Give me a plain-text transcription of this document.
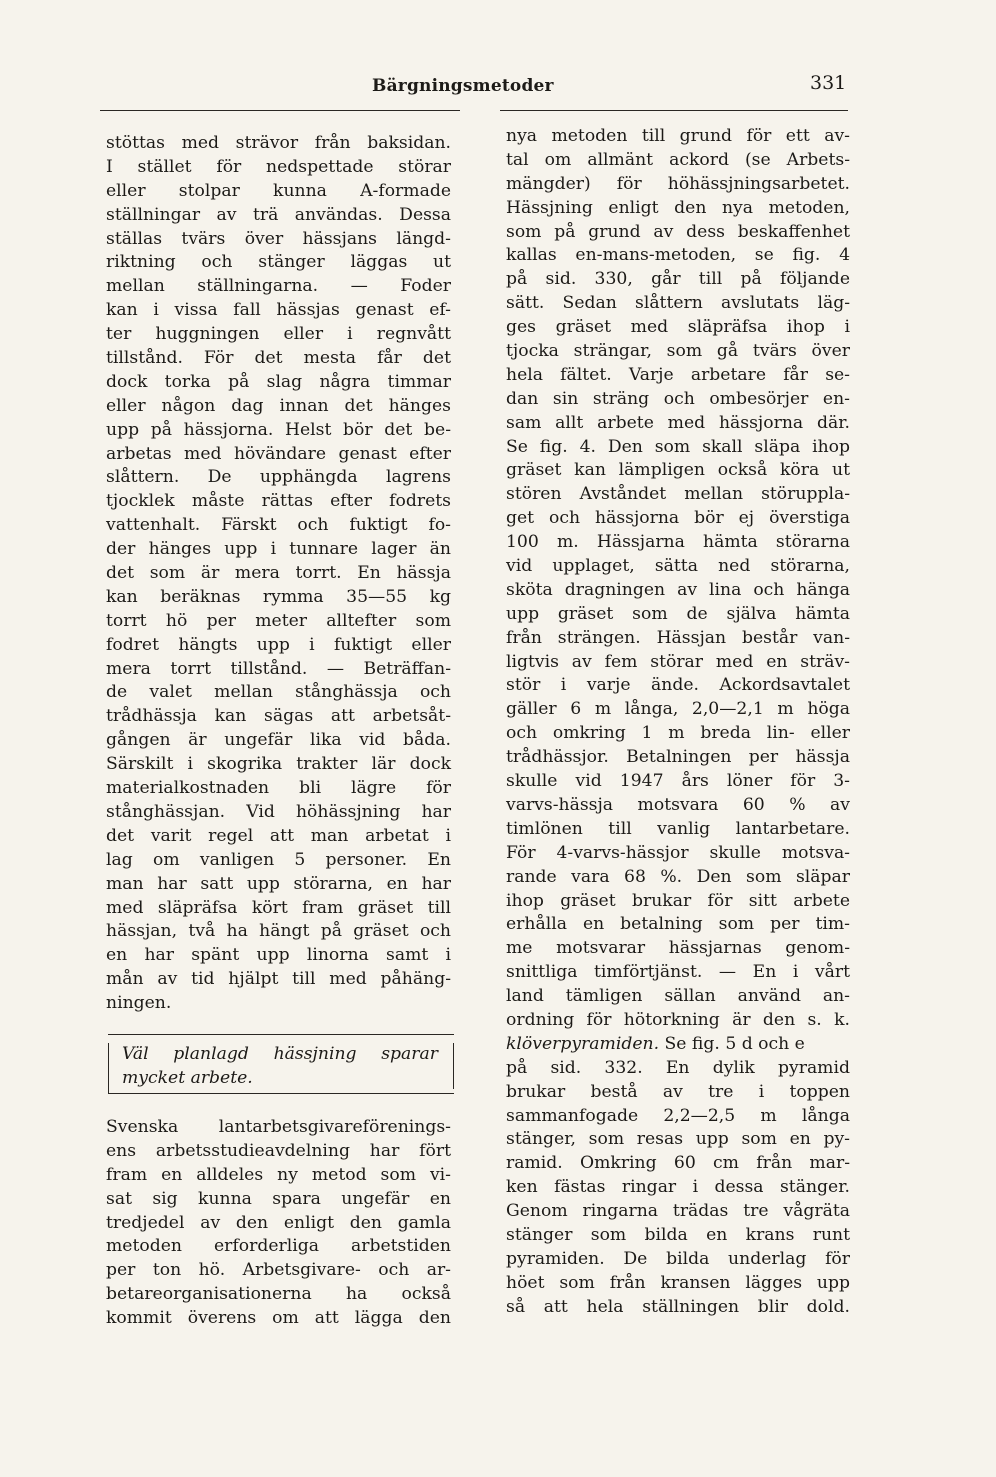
Bärgningsmetoder	331
stöttas med strävor från baksidan.
I stället för nedspettade störar
eller stolpar kunna A-formade
ställningar av trä användas. Dessa
ställas tvärs över hässjans längd-
riktning och stänger läggas ut
mellan ställningarna. — Foder
kan i vissa fall hässjas genast ef-
ter huggningen eller i regnvått
tillstånd. För det mesta får det
dock torka på slag några timmar
eller någon dag innan det hänges
upp på hässjorna. Helst bör det be-
arbetas med hövändare genast efter
slåttern. De upphängda lagrens
tjocklek måste rättas efter fodrets
vattenhalt. Färskt och fuktigt fo-
der hänges upp i tunnare lager än
det som är mera torrt. En hässja
kan beräknas rymma 35—55 kg
torrt hö per meter alltefter som
fodret hängts upp i fuktigt eller
mera torrt tillstånd. — Beträffan-
de valet mellan stånghässja och
trådhässja kan sägas att arbetsåt-
gången är ungefär lika vid båda.
Särskilt i skogrika trakter lär dock
materialkostnaden bli lägre för
stånghässjan. Vid höhässjning har
det varit regel att man arbetat i
lag om vanligen 5 personer. En
man har satt upp störarna, en har
med släpräfsa kört fram gräset till
hässjan, två ha hängt på gräset och
en har spänt upp linorna samt i
mån av tid hjälpt till med påhäng-
ningen.
Väl planlagd hässjning sparar
mycket arbete.
Svenska lantarbetsgivareförenings-
ens arbetsstudieavdelning har fört
fram en alldeles ny metod som vi-
sat sig kunna spara ungefär en
tredjedel av den enligt den gamla
metoden erforderliga arbetstiden
per ton hö. Arbetsgivare- och ar-
betareorganisationerna ha också
kommit överens om att lägga den
nya metoden till grund för ett av-
tal om allmänt ackord (se Arbets-
mängder) för höhässjningsarbetet.
Hässjning enligt den nya metoden,
som på grund av dess beskaffenhet
kallas en-mans-metoden, se fig. 4
på sid. 330, går till på följande
sätt. Sedan slåttern avslutats läg-
ges gräset med släpräfsa ihop i
tjocka strängar, som gå tvärs över
hela fältet. Varje arbetare får se-
dan sin sträng och ombesörjer en-
sam allt arbete med hässjorna där.
Se fig. 4. Den som skall släpa ihop
gräset kan lämpligen också köra ut
stören Avståndet mellan störuppla-
get och hässjorna bör ej överstiga
100 m. Hässjarna hämta störarna
vid upplaget, sätta ned störarna,
sköta dragningen av lina och hänga
upp gräset som de själva hämta
från strängen. Hässjan består van-
ligtvis av fem störar med en sträv-
stör i varje ände. Ackordsavtalet
gäller 6 m långa, 2,0—2,1 m höga
och omkring 1 m breda lin- eller
trådhässjor. Betalningen per hässja
skulle vid 1947 års löner för 3-
varvs-hässja motsvara 60 % av
timlönen till vanlig lantarbetare.
För 4-varvs-hässjor skulle motsva-
rande vara 68 %. Den som släpar
ihop gräset brukar för sitt arbete
erhålla en betalning som per tim-
me motsvarar hässjarnas genom-
snittliga timförtjänst. — En i vårt
land tämligen sällan använd an-
ordning för hötorkning är den s. k.
klöverpyramiden. Se fig. 5 d och e
på sid. 332. En dylik pyramid
brukar bestå av tre i toppen
sammanfogade 2,2—2,5 m långa
stänger, som resas upp som en py-
ramid. Omkring 60 cm från mar-
ken fästas ringar i dessa stänger.
Genom ringarna trädas tre vågräta
stänger som bilda en krans runt
pyramiden. De bilda underlag för
höet som från kransen lägges upp
så att hela ställningen blir dold.
